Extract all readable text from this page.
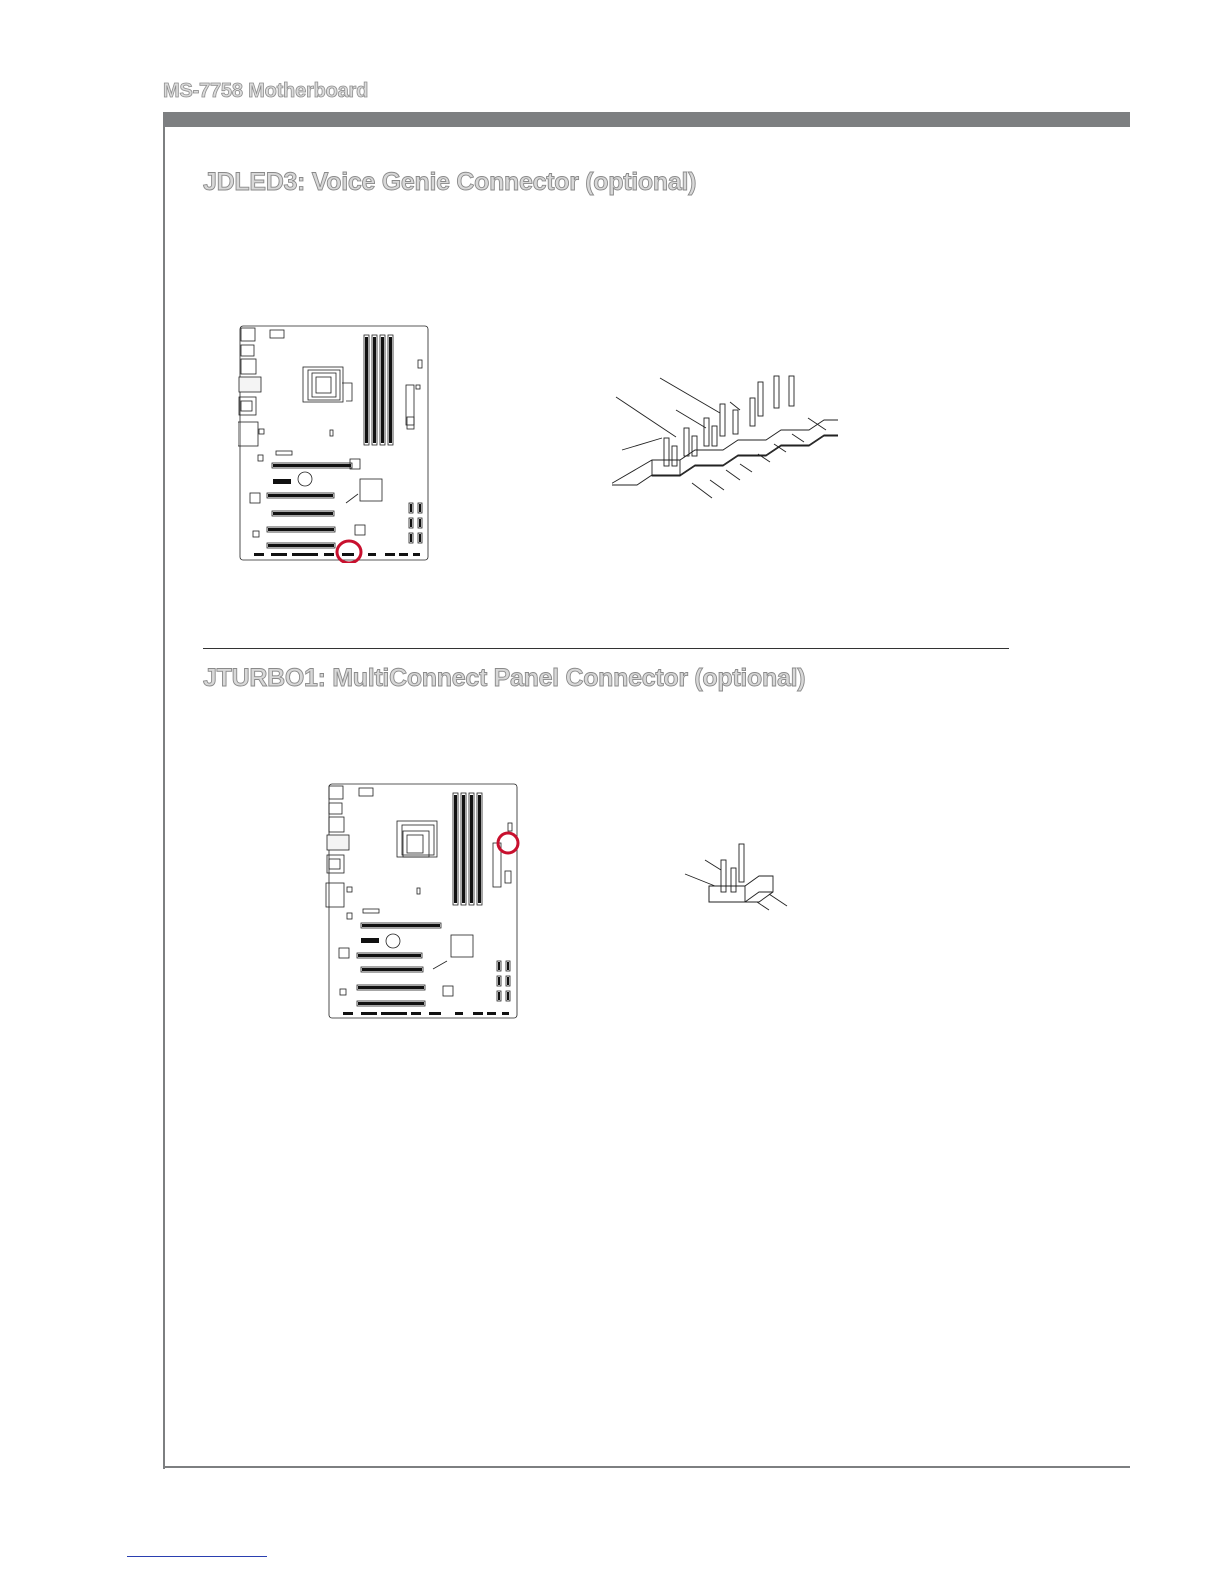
MS-7758 Motherboard
JDLED3: Voice Genie Connector (optional)
JTURBO1: MultiConnect Panel Connector (optional)
